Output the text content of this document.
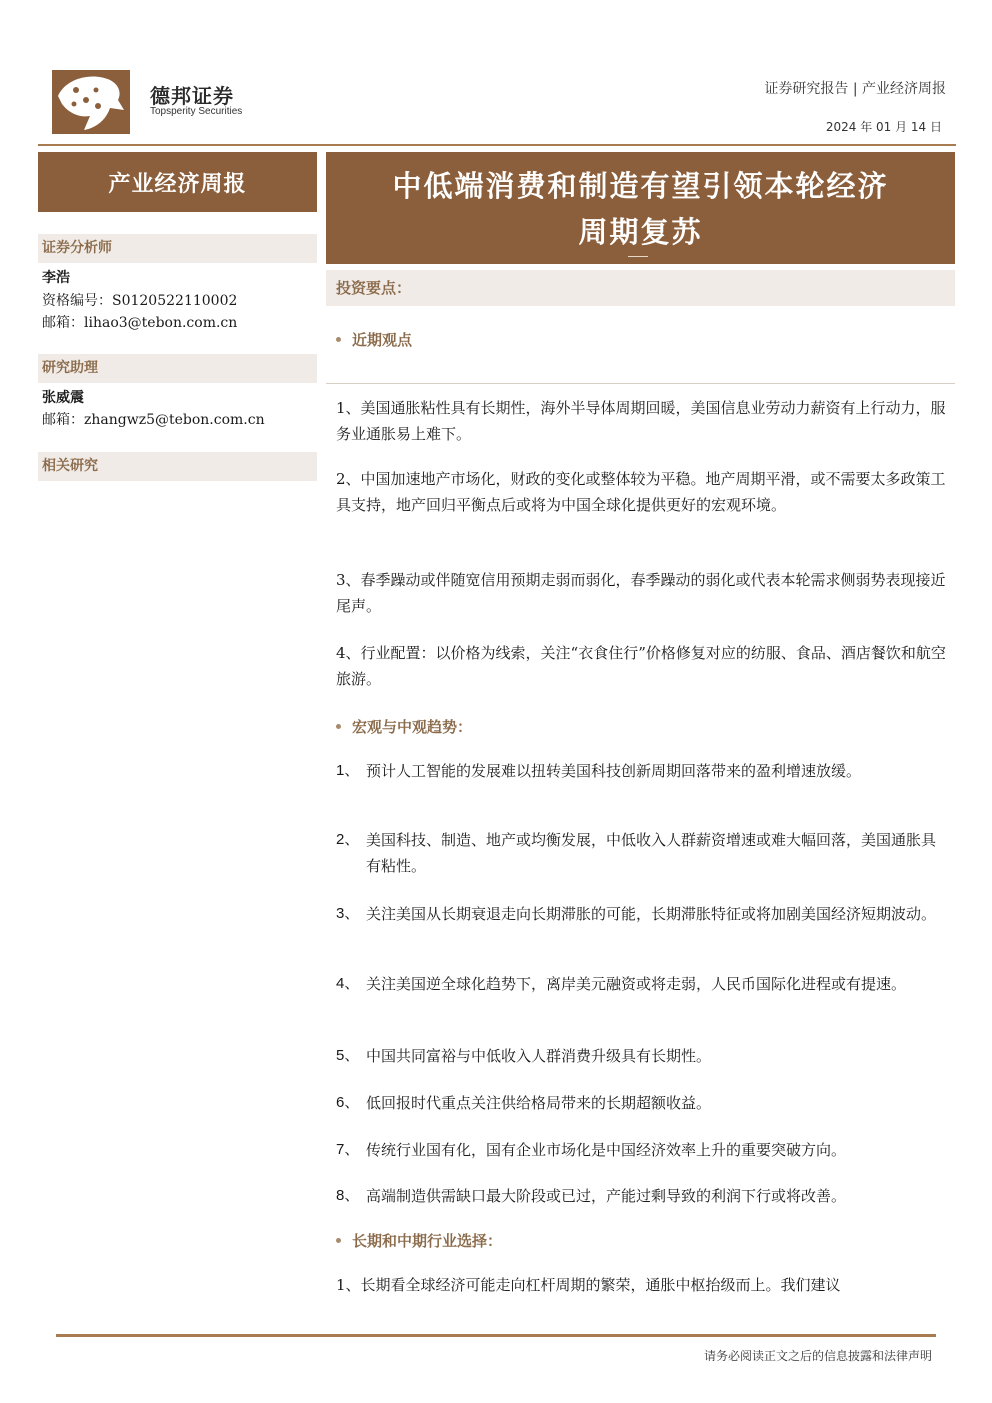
德邦证券
Topsperity Securities
证券研究报告 | 产业经济周报
2024 年 01 月 14 日
产业经济周报
证券分析师
李浩
资格编号：S0120522110002
邮箱：lihao3@tebon.com.cn
研究助理
张威震
邮箱：zhangwz5@tebon.com.cn
相关研究
中低端消费和制造有望引领本轮经济
周期复苏
投资要点：
近期观点
1、美国通胀粘性具有长期性，海外半导体周期回暖，美国信息业劳动力薪资有上行动力，服务业通胀易上难下。
2、中国加速地产市场化，财政的变化或整体较为平稳。地产周期平滑，或不需要太多政策工具支持，地产回归平衡点后或将为中国全球化提供更好的宏观环境。
3、春季躁动或伴随宽信用预期走弱而弱化，春季躁动的弱化或代表本轮需求侧弱势表现接近尾声。
4、行业配置：以价格为线索，关注“衣食住行”价格修复对应的纺服、食品、酒店餐饮和航空旅游。
宏观与中观趋势：
1、 预计人工智能的发展难以扭转美国科技创新周期回落带来的盈利增速放缓。
2、 美国科技、制造、地产或均衡发展，中低收入人群薪资增速或难大幅回落，美国通胀具有粘性。
3、 关注美国从长期衰退走向长期滞胀的可能，长期滞胀特征或将加剧美国经济短期波动。
4、 关注美国逆全球化趋势下，离岸美元融资或将走弱，人民币国际化进程或有提速。
5、 中国共同富裕与中低收入人群消费升级具有长期性。
6、 低回报时代重点关注供给格局带来的长期超额收益。
7、 传统行业国有化，国有企业市场化是中国经济效率上升的重要突破方向。
8、 高端制造供需缺口最大阶段或已过，产能过剩导致的利润下行或将改善。
长期和中期行业选择：
1、长期看全球经济可能走向杠杆周期的繁荣，通胀中枢抬级而上。我们建议
请务必阅读正文之后的信息披露和法律声明
